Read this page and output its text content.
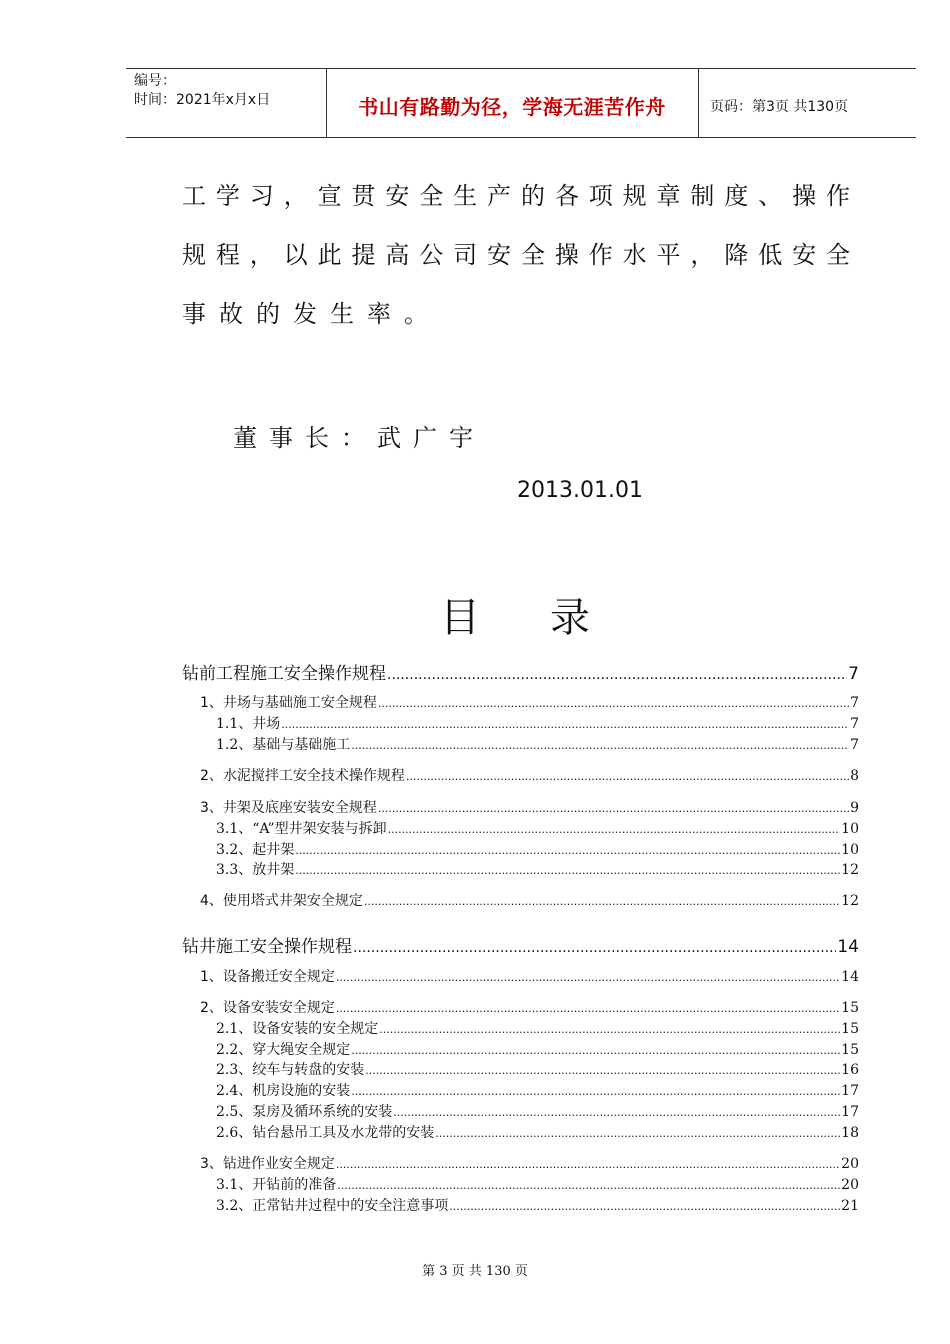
编号：
时间：2021年x月x日	书山有路勤为径，学海无涯苦作舟	页码：第3页 共130页
工学习，宣贯安全生产的各项规章制度、操作
规程，以此提高公司安全操作水平，降低安全
事故的发生率。
董事长：武广宇
2013.01.01
目录
钻前工程施工安全操作规程 .....	7
1、井场与基础施工安全规程 .....	7
1.1、井场 .....	7
1.2、基础与基础施工 .....	7
2、水泥搅拌工安全技术操作规程 .....	8
3、井架及底座安装安全规程 .....	9
3.1、“A”型井架安装与拆卸 .....	10
3.2、起井架 .....	10
3.3、放井架 .....	12
4、使用塔式井架安全规定 .....	12
钻井施工安全操作规程 .....	14
1、设备搬迁安全规定 .....	14
2、设备安装安全规定 .....	15
2.1、设备安装的安全规定 .....	15
2.2、穿大绳安全规定 .....	15
2.3、绞车与转盘的安装 .....	16
2.4、机房设施的安装 .....	17
2.5、泵房及循环系统的安装 .....	17
2.6、钻台悬吊工具及水龙带的安装 .....	18
3、钻进作业安全规定 .....	20
3.1、开钻前的准备 .....	20
3.2、正常钻井过程中的安全注意事项 .....	21
第 3 页 共 130 页
